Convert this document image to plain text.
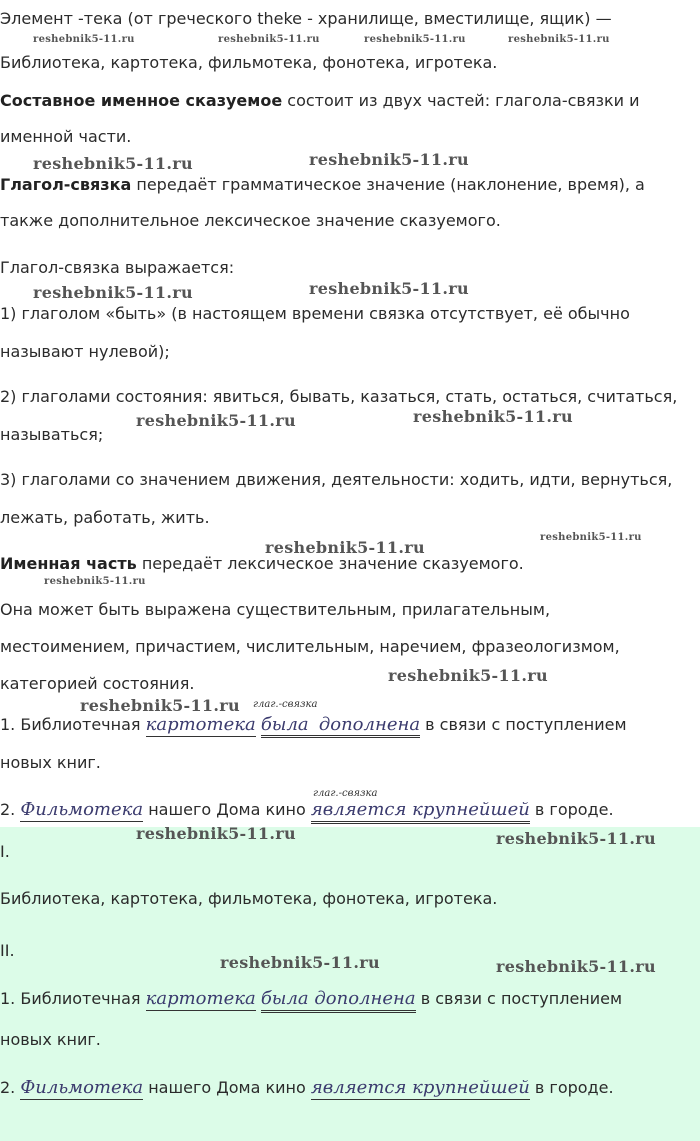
Элемент -тека (от греческого theke - хранилище, вместилище, ящик) —
Библиотека, картотека, фильмотека, фонотека, игротека.
Составное именное сказуемое состоит из двух частей: глагола-связки и
именной части.
Глагол-связка передаёт грамматическое значение (наклонение, время), а
также дополнительное лексическое значение сказуемого.
Глагол-связка выражается:
1) глаголом «быть» (в настоящем времени связка отсутствует, её обычно
называют нулевой);
2) глаголами состояния: явиться, бывать, казаться, стать, остаться, считаться,
называться;
3) глаголами со значением движения, деятельности: ходить, идти, вернуться,
лежать, работать, жить.
Именная часть передаёт лексическое значение сказуемого.
Она может быть выражена существительным, прилагательным,
местоимением, причастием, числительным, наречием, фразеологизмом,
категорией состояния.
глаг.-связка
1. Библиотечная картотека была дополнена в связи с поступлением
новых книг.
глаг.-связка
2. Фильмотека нашего Дома кино является крупнейшей в городе.
I.
Библиотека, картотека, фильмотека, фонотека, игротека.
II.
1. Библиотечная картотека была дополнена в связи с поступлением
новых книг.
2. Фильмотека нашего Дома кино является крупнейшей в городе.
reshebnik5-11.ru	reshebnik5-11.ru	reshebnik5-11.ru	reshebnik5-11.ru
reshebnik5-11.ru	reshebnik5-11.ru
reshebnik5-11.ru	reshebnik5-11.ru
reshebnik5-11.ru	reshebnik5-11.ru
reshebnik5-11.ru
reshebnik5-11.ru
reshebnik5-11.ru
reshebnik5-11.ru
reshebnik5-11.ru
reshebnik5-11.ru	reshebnik5-11.ru
reshebnik5-11.ru	reshebnik5-11.ru
